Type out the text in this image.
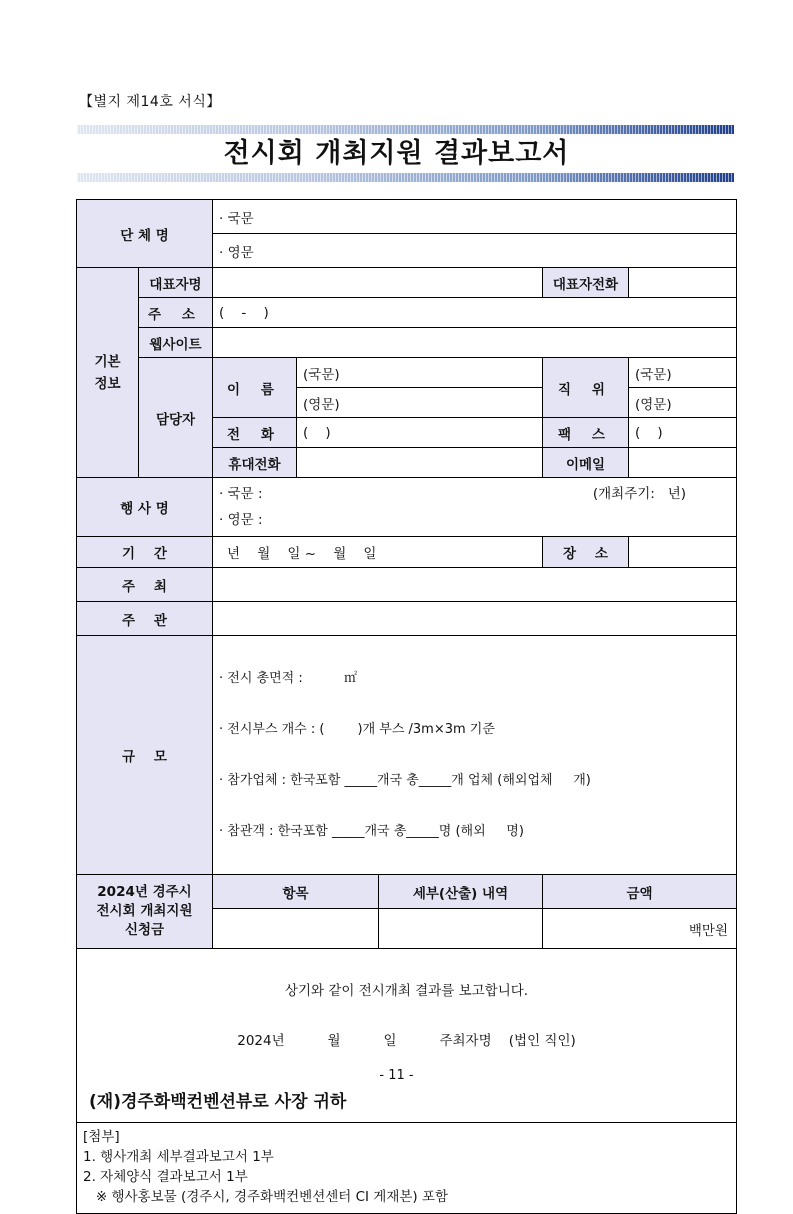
【별지 제14호 서식】
전시회 개최지원 결과보고서
단 체 명		· 국문				
		· 영문				
기본
정보	대표자명				대표자전화	
	주 소	(    -    )				
	웹사이트					
	담당자	이 름	(국문)		직 위	(국문)
			(영문)			(영문)
		전 화	(    )		팩 스	(    )
		휴대전화			이메일	
행 사 명		· 국문 : (개최주기:   년)
· 영문 :				

기    간		년    월    일 ~    월    일			장    소	
주    최						
주    관						
규    모		· 전시 총면적 :          ㎡

· 전시부스 개수 : (        )개 부스 /3m×3m 기준

· 참가업체 : 한국포함 _____개국 총_____개 업체 (해외업체     개)

· 참관객 : 한국포함 _____개국 총_____명 (해외     명)				

2024년 경주시
전시회 개최지원
신청금		항목		세부(산출) 내역	금액	
					백만원	

상기와 같이 전시개최 결과를 보고합니다.
2024년          월          일          주최자명    (법인 직인)
(재)경주화백컨벤션뷰로 사장 귀하						

[첨부]
1. 행사개최 세부결과보고서 1부
2. 자체양식 결과보고서 1부
※ 행사홍보물 (경주시, 경주화백컨벤션센터 CI 게재본) 포함						
- 11 -
